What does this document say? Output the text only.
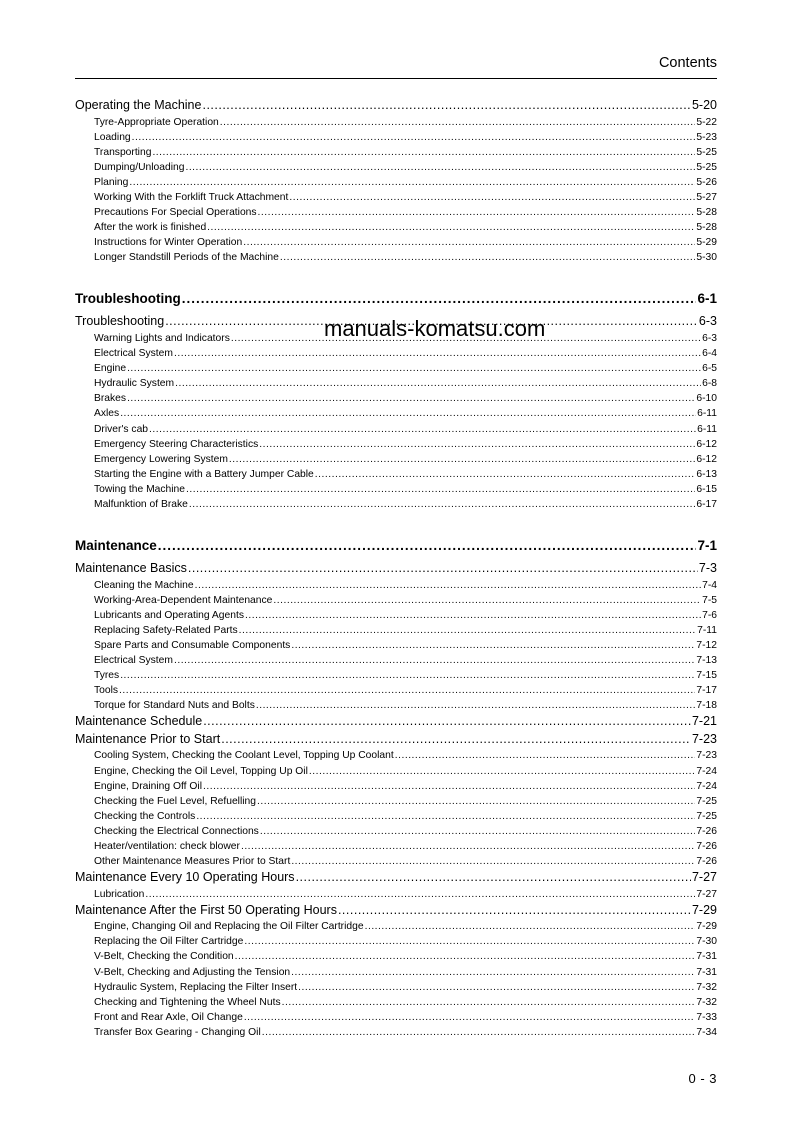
Contents
Operating the Machine .....	5-20
Tyre-Appropriate Operation .....	5-22
Loading .....	5-23
Transporting .....	5-25
Dumping/Unloading .....	5-25
Planing .....	5-26
Working With the Forklift Truck Attachment .....	5-27
Precautions For Special Operations .....	5-28
After the work is finished .....	5-28
Instructions for Winter Operation .....	5-29
Longer Standstill Periods of the Machine .....	5-30
Troubleshooting .....	6-1
Troubleshooting .....	6-3
Warning Lights and Indicators .....	6-3
Electrical System .....	6-4
Engine .....	6-5
Hydraulic System .....	6-8
Brakes .....	6-10
Axles .....	6-11
Driver's cab .....	6-11
Emergency Steering Characteristics .....	6-12
Emergency Lowering System .....	6-12
Starting the Engine with a Battery Jumper Cable .....	6-13
Towing the Machine .....	6-15
Malfunktion of Brake .....	6-17
Maintenance .....	7-1
Maintenance Basics .....	7-3
Cleaning the Machine .....	7-4
Working-Area-Dependent Maintenance .....	7-5
Lubricants and Operating Agents .....	7-6
Replacing Safety-Related Parts .....	7-11
Spare Parts and Consumable Components .....	7-12
Electrical System .....	7-13
Tyres .....	7-15
Tools .....	7-17
Torque for Standard Nuts and Bolts .....	7-18
Maintenance Schedule .....	7-21
Maintenance Prior to Start .....	7-23
Cooling System, Checking the Coolant Level, Topping Up Coolant .....	7-23
Engine, Checking the Oil Level, Topping Up Oil .....	7-24
Engine, Draining Off Oil .....	7-24
Checking the Fuel Level, Refuelling .....	7-25
Checking the Controls .....	7-25
Checking the Electrical Connections .....	7-26
Heater/ventilation: check blower .....	7-26
Other Maintenance Measures Prior to Start .....	7-26
Maintenance Every 10 Operating Hours .....	7-27
Lubrication .....	7-27
Maintenance After the First 50 Operating Hours .....	7-29
Engine, Changing Oil and Replacing the Oil Filter Cartridge .....	7-29
Replacing the Oil Filter Cartridge .....	7-30
V-Belt, Checking the Condition .....	7-31
V-Belt, Checking and Adjusting the Tension .....	7-31
Hydraulic System, Replacing the Filter Insert .....	7-32
Checking and Tightening the Wheel Nuts .....	7-32
Front and Rear Axle, Oil Change .....	7-33
Transfer Box Gearing - Changing Oil .....	7-34
manuals-komatsu.com
0 - 3
